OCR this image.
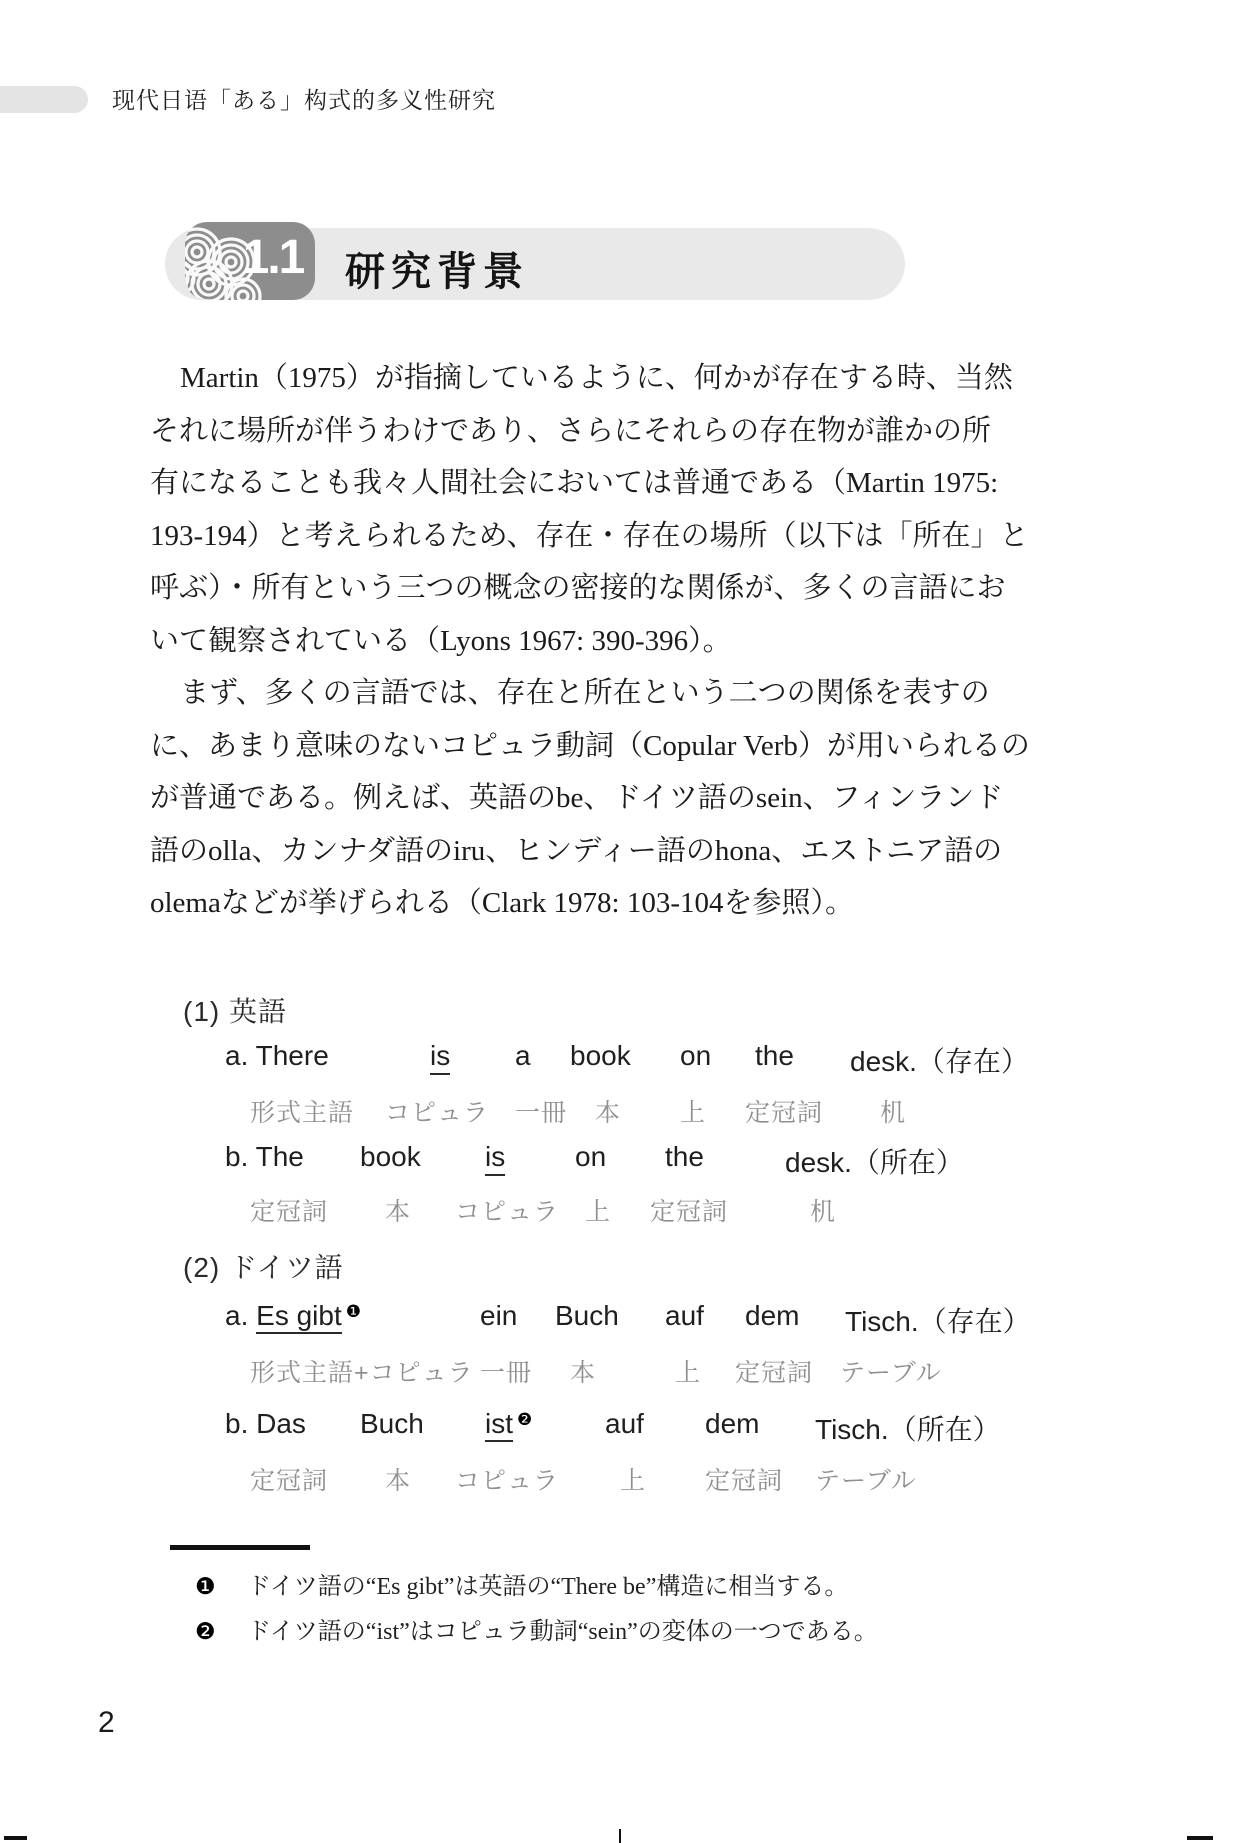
现代日语「ある」构式的多义性研究
1.1 研究背景
Martin（1975）が指摘しているように、何かが存在する時、当然
それに場所が伴うわけであり、さらにそれらの存在物が誰かの所
有になることも我々人間社会においては普通である（Martin 1975:
193-194）と考えられるため、存在・存在の場所（以下は「所在」と
呼ぶ）・所有という三つの概念の密接的な関係が、多くの言語にお
いて観察されている（Lyons 1967: 390-396）。
まず、多くの言語では、存在と所在という二つの関係を表すの
に、あまり意味のないコピュラ動詞（Copular Verb）が用いられるの
が普通である。例えば、英語のbe、ドイツ語のsein、フィンランド
語のolla、カンナダ語のiru、ヒンディー語のhona、エストニア語の
olemaなどが挙げられる（Clark 1978: 103-104を参照）。
(1) 英語
a. There	is a book on the desk.（存在）
形式主語 コピュラ 一冊 本 上 定冠詞 机
b. The book is on the	desk.（所在）
定冠詞 本 コピュラ 上 定冠詞	机
(2) ドイツ語
a. Es gibt $^❶$	ein Buch auf dem Tisch.（存在）
形式主語+コピュラ 一冊 本	上 定冠詞 テーブル
b. Das Buch ist $^❷$	auf dem Tisch.（所在）
定冠詞 本 コピュラ 上 定冠詞 テーブル
❶ ドイツ語の“Es gibt”は英語の“There be”構造に相当する。
❷ ドイツ語の“ist”はコピュラ動詞“sein”の変体の一つである。
2
